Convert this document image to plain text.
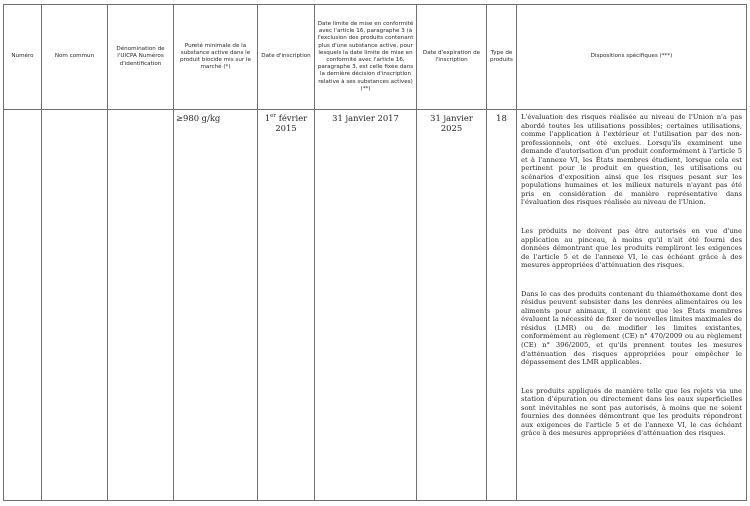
Numéro	Nom commun	Dénomination de l'UICPA Numéros d'identification	Pureté minimale de la substance active dans le produit biocide mis sur le marché (*)	Date d'inscription	Date limite de mise en conformité avec l'article 16, paragraphe 3 (à l'exclusion des produits contenant plus d'une substance active, pour lesquels la date limite de mise en conformité avec l'article 16, paragraphe 3, est celle fixée dans la dernière décision d'inscription relative à ses substances actives) (**)	Date d'expiration de l'inscription	Type de produits	Dispositions spécifiques (***)

			≥980 g/kg	1er février 2015	31 janvier 2017	31 janvier 2025	18	L'évaluation des risques réalisée au niveau de l'Union n'a pas abordé toutes les utilisations possibles; certaines utilisations, comme l'application à l'extérieur et l'utilisation par des non-professionnels, ont été exclues. Lorsqu'ils examinent une demande d'autorisation d'un produit conformément à l'article 5 et à l'annexe VI, les États membres étudient, lorsque cela est pertinent pour le produit en question, les utilisations ou scénarios d'exposition ainsi que les risques pesant sur les populations humaines et les milieux naturels n'ayant pas été pris en considération de manière représentative dans l'évaluation des risques réalisée au niveau de l'Union.

Les produits ne doivent pas être autorisés en vue d'une application au pinceau, à moins qu'il n'ait été fourni des données démontrant que les produits rempliront les exigences de l'article 5 et de l'annexe VI, le cas échéant grâce à des mesures appropriées d'atténuation des risques.

Dans le cas des produits contenant du thiaméthoxame dont des résidus peuvent subsister dans les denrées alimentaires ou les aliments pour animaux, il convient que les États membres évaluent la nécessité de fixer de nouvelles limites maximales de résidus (LMR) ou de modifier les limites existantes, conformément au règlement (CE) n° 470/2009 ou au règlement (CE) n° 396/2005, et qu'ils prennent toutes les mesures d'atténuation des risques appropriées pour empêcher le dépassement des LMR applicables.

Les produits appliqués de manière telle que les rejets via une station d'épuration ou directement dans les eaux superficielles sont inévitables ne sont pas autorisés, à moins que ne soient fournies des données démontrant que les produits répondront aux exigences de l'article 5 et de l'annexe VI, le cas échéant grâce à des mesures appropriées d'atténuation des risques.
